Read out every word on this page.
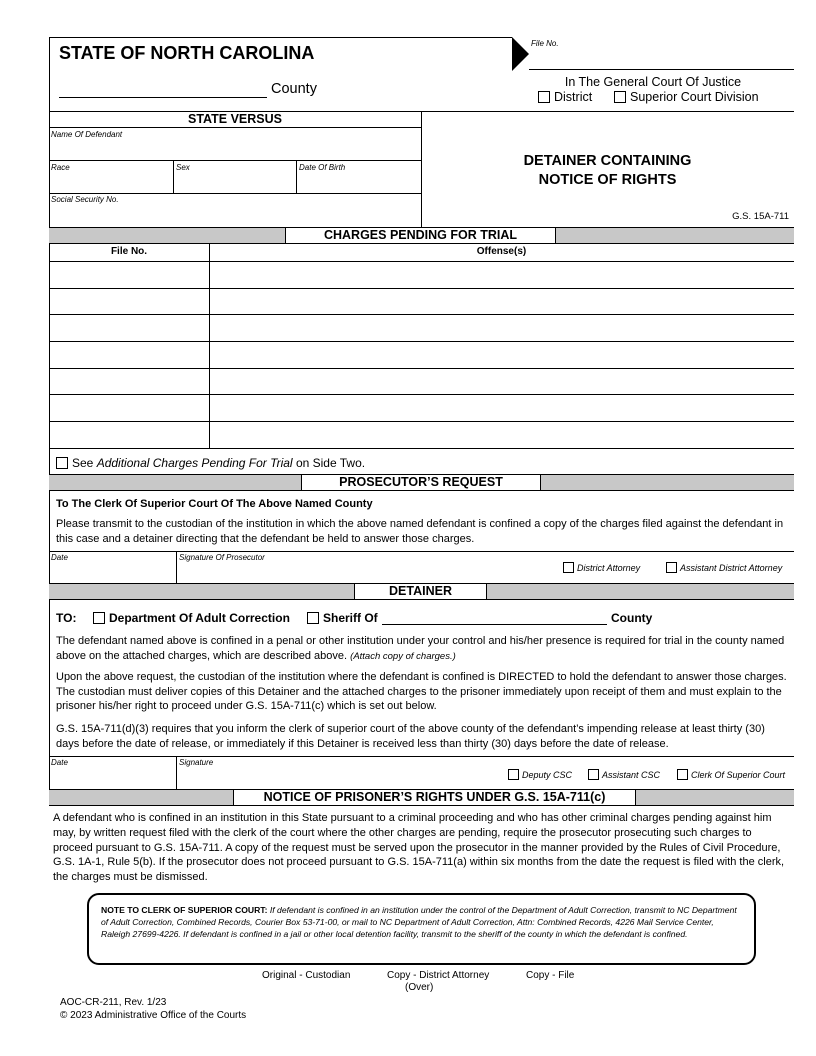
STATE OF NORTH CAROLINA	File No.
County	In The General Court Of Justice
District	Superior Court Division
STATE VERSUS
Name Of Defendant
Race	Sex	Date Of Birth
Social Security No.
DETAINER CONTAINING
NOTICE OF RIGHTS
G.S. 15A-711
CHARGES PENDING FOR TRIAL
File No.	Offense(s)
See Additional Charges Pending For Trial on Side Two.
PROSECUTOR’S REQUEST
To The Clerk Of Superior Court Of The Above Named County
Please transmit to the custodian of the institution in which the above named defendant is confined a copy of the charges filed against the defendant in this case and a detainer directing that the defendant be held to answer those charges.
Date	Signature Of Prosecutor
District Attorney	Assistant District Attorney
DETAINER
TO:	Department Of Adult Correction	Sheriff Of	County
The defendant named above is confined in a penal or other institution under your control and his/her presence is required for trial in the county named above on the attached charges, which are described above. (Attach copy of charges.)
Upon the above request, the custodian of the institution where the defendant is confined is DIRECTED to hold the defendant to answer those charges. The custodian must deliver copies of this Detainer and the attached charges to the prisoner immediately upon receipt of them and must explain to the prisoner his/her right to proceed under G.S. 15A-711(c) which is set out below.
G.S. 15A-711(d)(3) requires that you inform the clerk of superior court of the above county of the defendant’s impending release at least thirty (30) days before the date of release, or immediately if this Detainer is received less than thirty (30) days before the date of release.
Date	Signature
Deputy CSC	Assistant CSC	Clerk Of Superior Court
NOTICE OF PRISONER’S RIGHTS UNDER G.S. 15A-711(c)
A defendant who is confined in an institution in this State pursuant to a criminal proceeding and who has other criminal charges pending against him may, by written request filed with the clerk of the court where the other charges are pending, require the prosecutor prosecuting such charges to proceed pursuant to G.S. 15A-711. A copy of the request must be served upon the prosecutor in the manner provided by the Rules of Civil Procedure, G.S. 1A-1, Rule 5(b). If the prosecutor does not proceed pursuant to G.S. 15A-711(a) within six months from the date the request is filed with the clerk, the charges must be dismissed.
NOTE TO CLERK OF SUPERIOR COURT: If defendant is confined in an institution under the control of the Department of Adult Correction, transmit to NC Department of Adult Correction, Combined Records, Courier Box 53-71-00, or mail to NC Department of Adult Correction, Attn: Combined Records, 4226 Mail Service Center, Raleigh 27699-4226. If defendant is confined in a jail or other local detention facility, transmit to the sheriff of the county in which the defendant is confined.
Original - Custodian	Copy - District Attorney	Copy - File
(Over)
AOC-CR-211, Rev. 1/23
© 2023 Administrative Office of the Courts
